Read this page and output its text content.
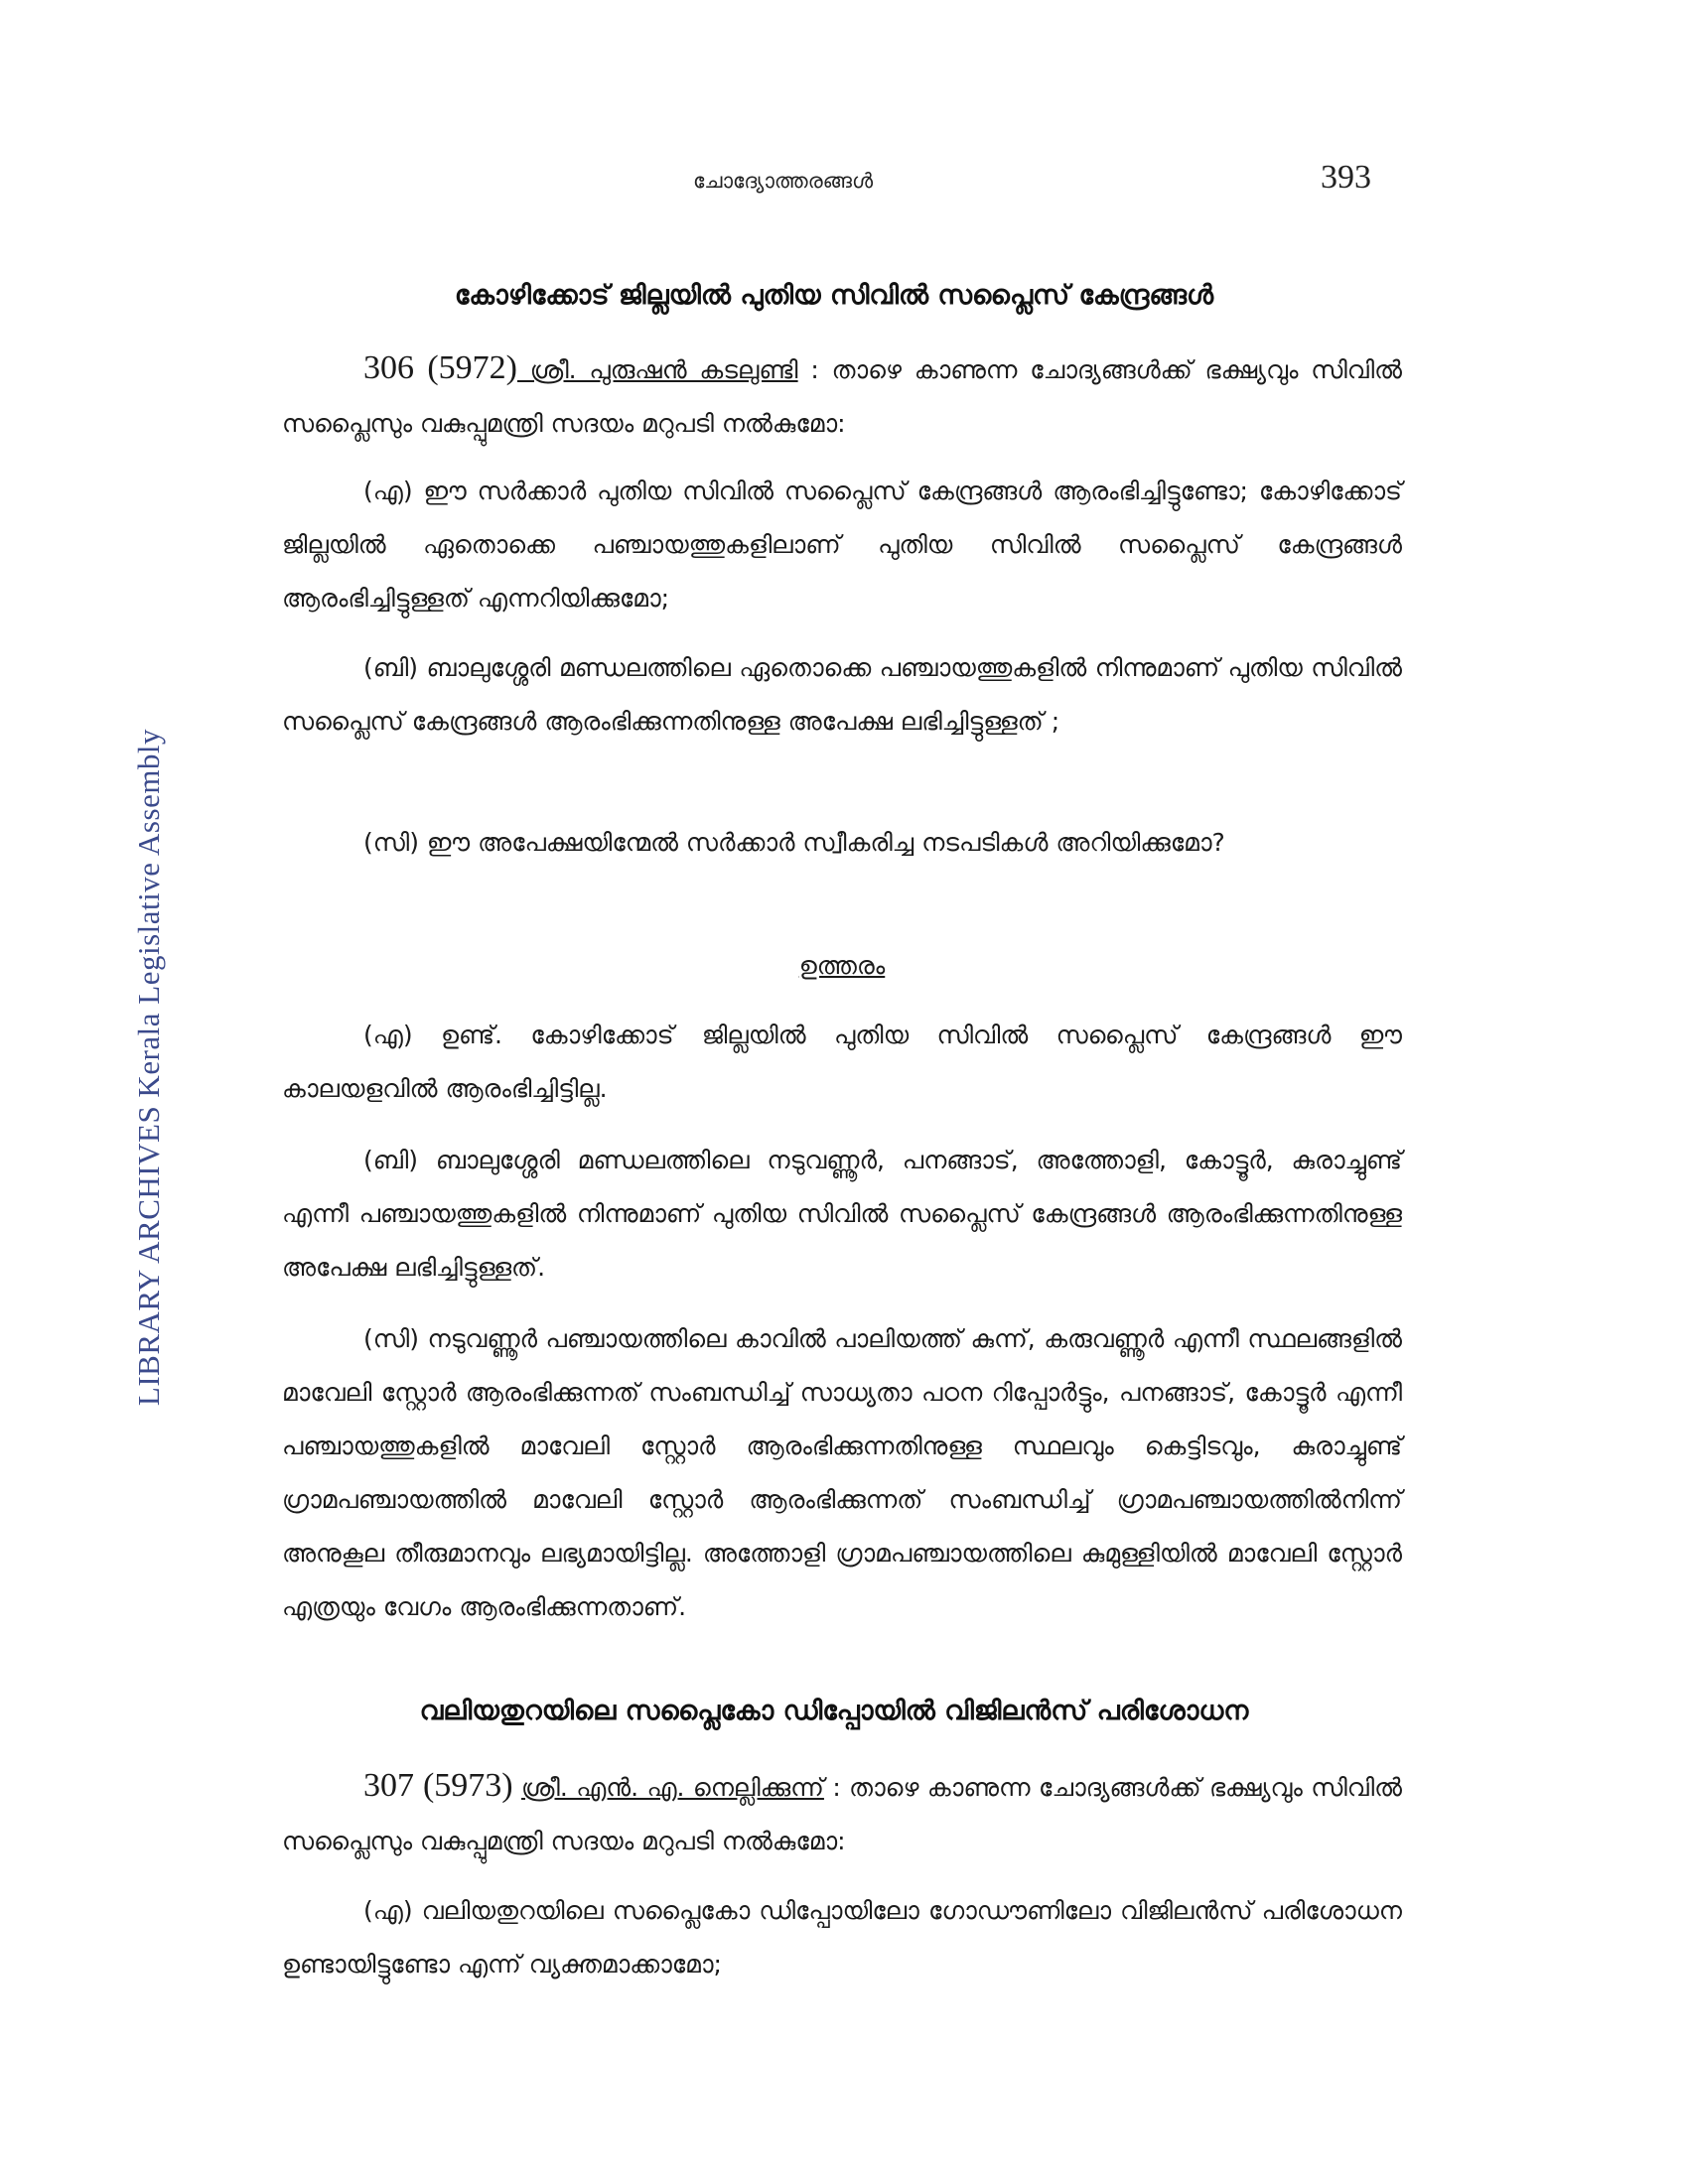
LIBRARY ARCHIVES Kerala Legislative Assembly
ചോദ്യോത്തരങ്ങൾ	393
കോഴിക്കോട് ജില്ലയിൽ പുതിയ സിവിൽ സപ്ലൈസ് കേന്ദ്രങ്ങൾ

306 (5972) ശ്രീ. പുരുഷൻ കടലുണ്ടി : താഴെ കാണുന്ന ചോദ്യങ്ങൾക്ക് ഭക്ഷ്യവും സിവിൽ സപ്ലൈസും വകുപ്പുമന്ത്രി സദയം മറുപടി നൽകുമോ:

(എ) ഈ സർക്കാർ പുതിയ സിവിൽ സപ്ലൈസ് കേന്ദ്രങ്ങൾ ആരംഭിച്ചിട്ടുണ്ടോ; കോഴിക്കോട് ജില്ലയിൽ ഏതൊക്കെ പഞ്ചായത്തുകളിലാണ് പുതിയ സിവിൽ സപ്ലൈസ് കേന്ദ്രങ്ങൾ ആരംഭിച്ചിട്ടുള്ളത് എന്നറിയിക്കുമോ;

(ബി) ബാലുശ്ശേരി മണ്ഡലത്തിലെ ഏതൊക്കെ പഞ്ചായത്തുകളിൽ നിന്നുമാണ് പുതിയ സിവിൽ സപ്ലൈസ് കേന്ദ്രങ്ങൾ ആരംഭിക്കുന്നതിനുള്ള അപേക്ഷ ലഭിച്ചിട്ടുള്ളത് ;

(സി) ഈ അപേക്ഷയിന്മേൽ സർക്കാർ സ്വീകരിച്ച നടപടികൾ അറിയിക്കുമോ?

ഉത്തരം

(എ) ഉണ്ട്. കോഴിക്കോട് ജില്ലയിൽ പുതിയ സിവിൽ സപ്ലൈസ് കേന്ദ്രങ്ങൾ ഈ കാലയളവിൽ ആരംഭിച്ചിട്ടില്ല.

(ബി) ബാലുശ്ശേരി മണ്ഡലത്തിലെ നടുവണ്ണൂർ, പനങ്ങാട്, അത്തോളി, കോട്ടൂർ, കുരാച്ചുണ്ട് എന്നീ പഞ്ചായത്തുകളിൽ നിന്നുമാണ് പുതിയ സിവിൽ സപ്ലൈസ് കേന്ദ്രങ്ങൾ ആരംഭിക്കുന്നതിനുള്ള അപേക്ഷ ലഭിച്ചിട്ടുള്ളത്.

(സി) നടുവണ്ണൂർ പഞ്ചായത്തിലെ കാവിൽ പാലിയത്ത് കുന്ന്, കരുവണ്ണൂർ എന്നീ സ്ഥലങ്ങളിൽ മാവേലി സ്റ്റോർ ആരംഭിക്കുന്നത് സംബന്ധിച്ച് സാധ്യതാ പഠന റിപ്പോർട്ടും, പനങ്ങാട്, കോട്ടൂർ എന്നീ പഞ്ചായത്തുകളിൽ മാവേലി സ്റ്റോർ ആരംഭിക്കുന്നതിനുള്ള സ്ഥലവും കെട്ടിടവും, കുരാച്ചുണ്ട് ഗ്രാമപഞ്ചായത്തിൽ മാവേലി സ്റ്റോർ ആരംഭിക്കുന്നത് സംബന്ധിച്ച് ഗ്രാമപഞ്ചായത്തിൽനിന്ന് അനുകൂല തീരുമാനവും ലഭ്യമായിട്ടില്ല. അത്തോളി ഗ്രാമപഞ്ചായത്തിലെ കുമുള്ളിയിൽ മാവേലി സ്റ്റോർ എത്രയും വേഗം ആരംഭിക്കുന്നതാണ്.

വലിയതുറയിലെ സപ്ലൈകോ ഡിപ്പോയിൽ വിജിലൻസ് പരിശോധന

307 (5973) ശ്രീ. എൻ. എ. നെല്ലിക്കുന്ന് : താഴെ കാണുന്ന ചോദ്യങ്ങൾക്ക് ഭക്ഷ്യവും സിവിൽ സപ്ലൈസും വകുപ്പുമന്ത്രി സദയം മറുപടി നൽകുമോ:

(എ) വലിയതുറയിലെ സപ്ലൈകോ ഡിപ്പോയിലോ ഗോഡൗണിലോ വിജിലൻസ് പരിശോധന ഉണ്ടായിട്ടുണ്ടോ എന്ന് വ്യക്തമാക്കാമോ;
